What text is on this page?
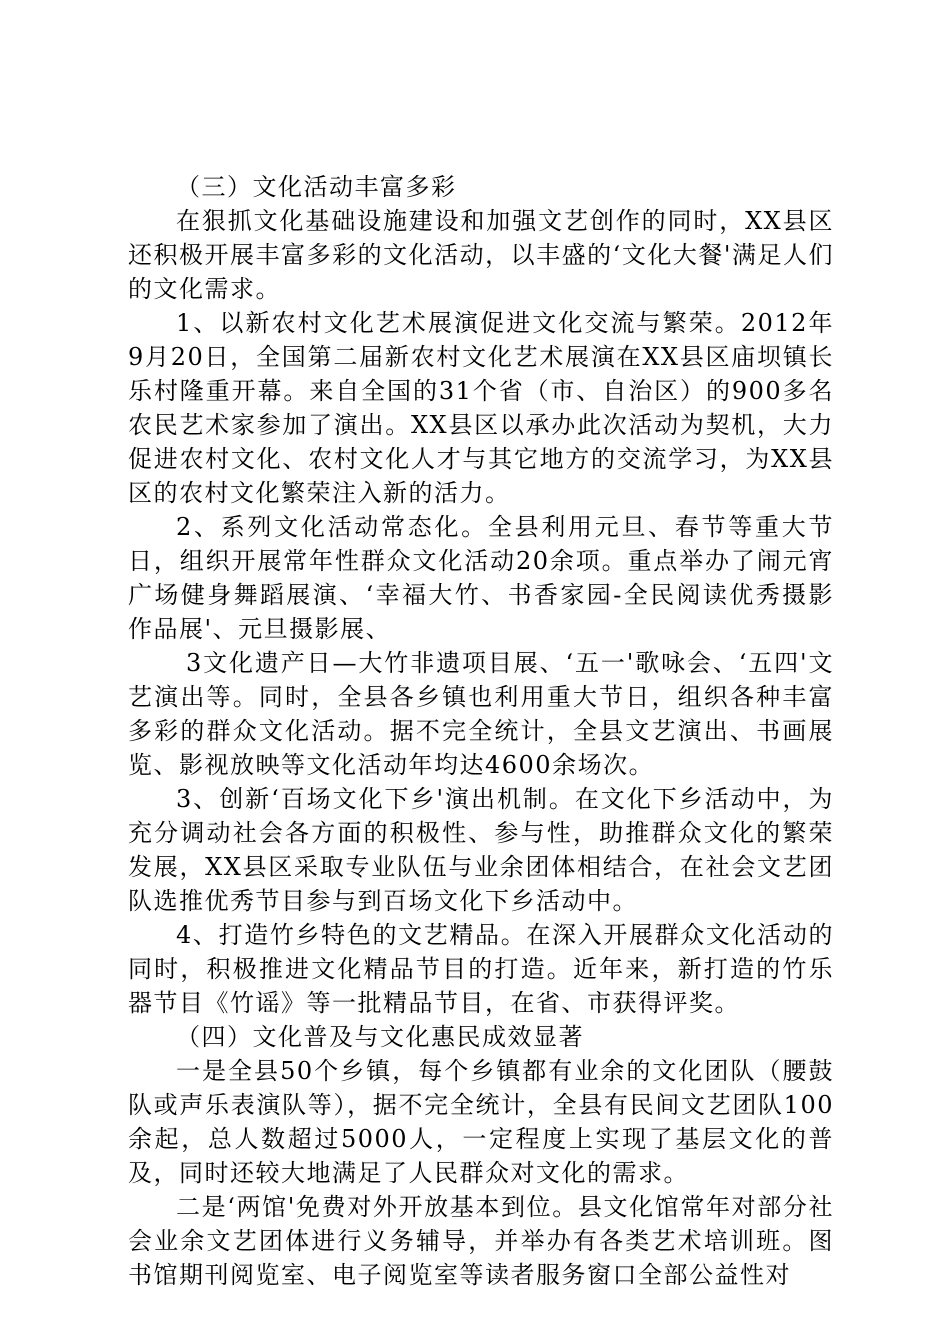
（三）文化活动丰富多彩

在狠抓文化基础设施建设和加强文艺创作的同时，XX县区还积极开展丰富多彩的文化活动，以丰盛的‘文化大餐'满足人们的文化需求。

1、以新农村文化艺术展演促进文化交流与繁荣。2012年9月20日，全国第二届新农村文化艺术展演在XX县区庙坝镇长乐村隆重开幕。来自全国的31个省（市、自治区）的900多名农民艺术家参加了演出。XX县区以承办此次活动为契机，大力促进农村文化、农村文化人才与其它地方的交流学习，为XX县区的农村文化繁荣注入新的活力。

2、系列文化活动常态化。全县利用元旦、春节等重大节日，组织开展常年性群众文化活动20余项。重点举办了闹元宵广场健身舞蹈展演、‘幸福大竹、书香家园-全民阅读优秀摄影作品展'、元旦摄影展、

3文化遗产日—大竹非遗项目展、‘五一'歌咏会、‘五四'文艺演出等。同时，全县各乡镇也利用重大节日，组织各种丰富多彩的群众文化活动。据不完全统计，全县文艺演出、书画展览、影视放映等文化活动年均达4600余场次。

3、创新‘百场文化下乡'演出机制。在文化下乡活动中，为充分调动社会各方面的积极性、参与性，助推群众文化的繁荣发展，XX县区采取专业队伍与业余团体相结合，在社会文艺团队选推优秀节目参与到百场文化下乡活动中。

4、打造竹乡特色的文艺精品。在深入开展群众文化活动的同时，积极推进文化精品节目的打造。近年来，新打造的竹乐器节目《竹谣》等一批精品节目，在省、市获得评奖。

（四）文化普及与文化惠民成效显著

一是全县50个乡镇，每个乡镇都有业余的文化团队（腰鼓队或声乐表演队等），据不完全统计，全县有民间文艺团队100余起，总人数超过5000人，一定程度上实现了基层文化的普及，同时还较大地满足了人民群众对文化的需求。

二是‘两馆'免费对外开放基本到位。县文化馆常年对部分社会业余文艺团体进行义务辅导，并举办有各类艺术培训班。图书馆期刊阅览室、电子阅览室等读者服务窗口全部公益性对
